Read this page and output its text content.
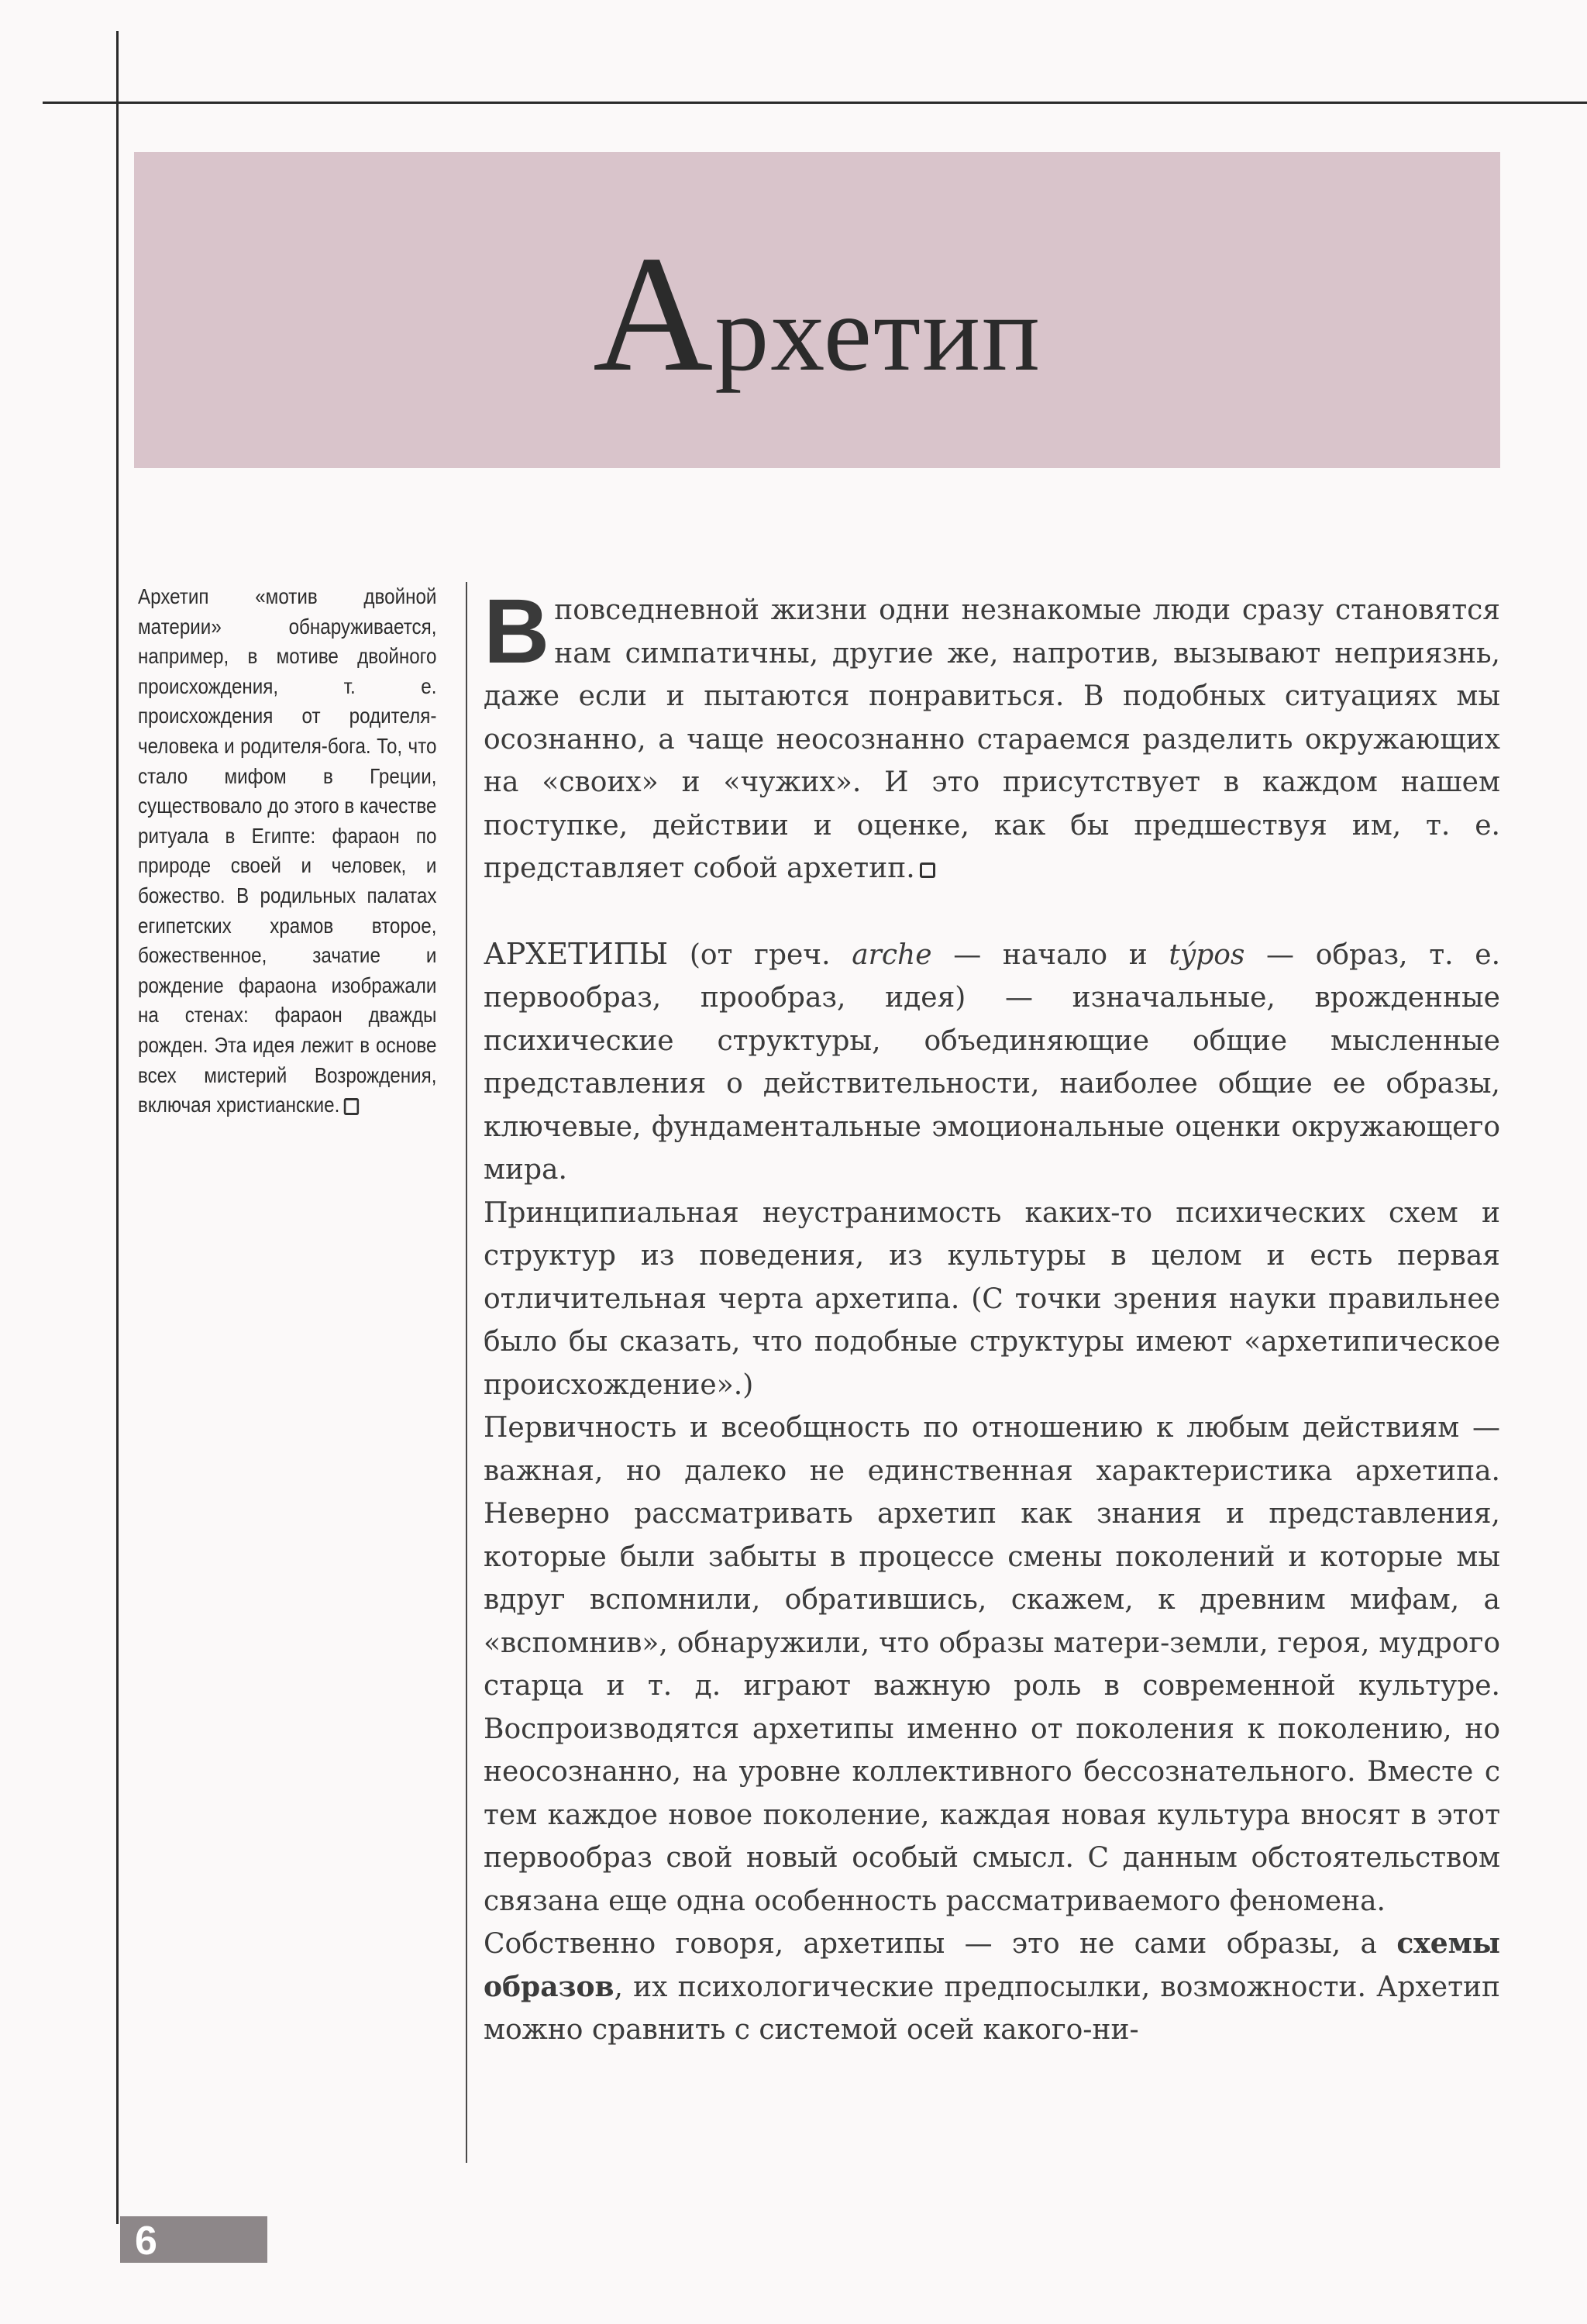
Архетип
Архетип «мотив двойной материи» обнаруживается, например, в мотиве двойного происхождения, т. е. происхождения от родителя-человека и родителя-бога. То, что стало мифом в Греции, существовало до этого в качестве ритуала в Египте: фараон по природе своей и человек, и божество. В родильных палатах египетских храмов второе, божественное, зачатие и рождение фараона изображали на стенах: фараон дважды рожден. Эта идея лежит в основе всех мистерий Возрождения, включая христианские.

Вповседневной жизни одни незнакомые люди сразу становятся нам симпатичны, другие же, напротив, вызывают неприязнь, даже если и пытаются понравиться. В подобных ситуациях мы осознанно, а чаще неосознанно стараемся разделить окружающих на «своих» и «чужих». И это присутствует в каждом нашем поступке, действии и оценке, как бы предшествуя им, т. е. представляет собой архетип.

АРХЕТИПЫ (от греч. arche — начало и týpos — образ, т. е. первообраз, прообраз, идея) — изначальные, врожденные психические структуры, объединяющие общие мысленные представления о действительности, наиболее общие ее образы, ключевые, фундаментальные эмоциональные оценки окружающего мира.

Принципиальная неустранимость каких-то психических схем и структур из поведения, из культуры в целом и есть первая отличительная черта архетипа. (С точки зрения науки правильнее было бы сказать, что подобные структуры имеют «архетипическое происхождение».)

Первичность и всеобщность по отношению к любым действиям — важная, но далеко не единственная характеристика архетипа. Неверно рассматривать архетип как знания и представления, которые были забыты в процессе смены поколений и которые мы вдруг вспомнили, обратившись, скажем, к древним мифам, а «вспомнив», обнаружили, что образы матери-земли, героя, мудрого старца и т. д. играют важную роль в современной культуре. Воспроизводятся архетипы именно от поколения к поколению, но неосознанно, на уровне коллективного бессознательного. Вместе с тем каждое новое поколение, каждая новая культура вносят в этот первообраз свой новый особый смысл. С данным обстоятельством связана еще одна особенность рассматриваемого феномена.

Собственно говоря, архетипы — это не сами образы, а схемы образов, их психологические предпосылки, возможности. Архетип можно сравнить с системой осей какого-ни-

6
